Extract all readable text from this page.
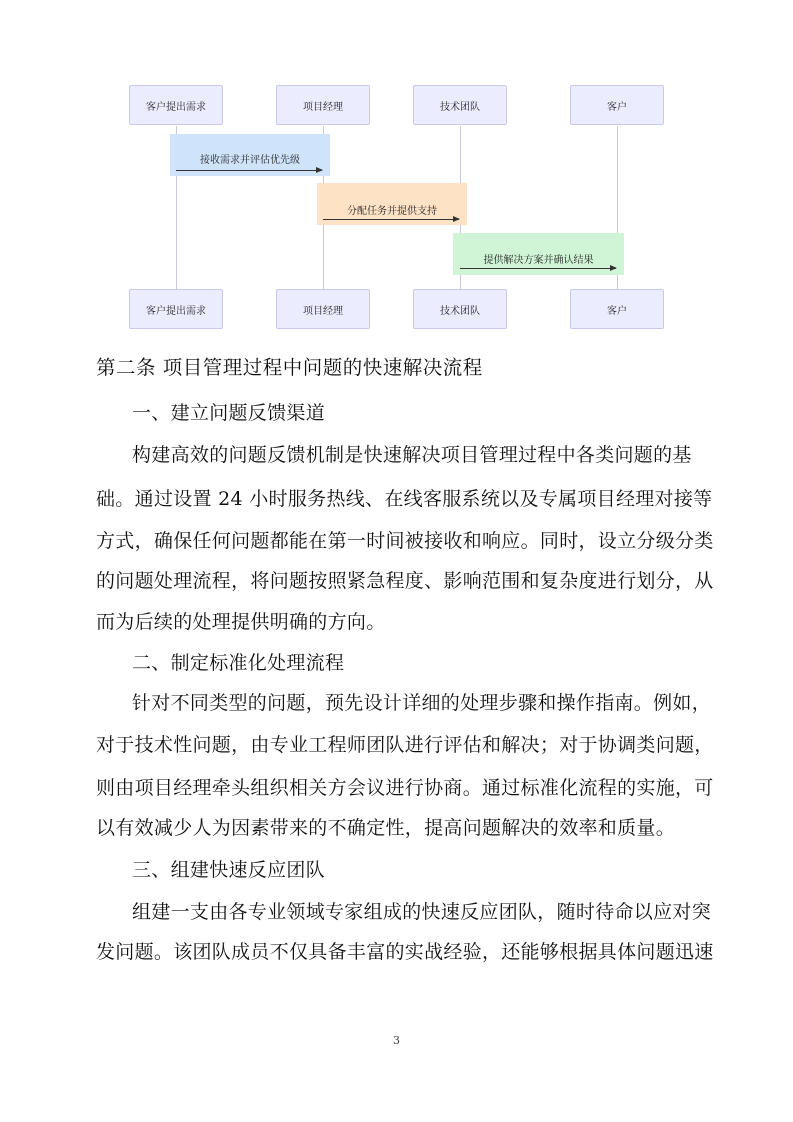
接收需求并评估优先级
分配任务并提供支持
提供解决方案并确认结果
客户提出需求	项目经理	技术团队	客户
客户提出需求	项目经理	技术团队	客户
第二条 项目管理过程中问题的快速解决流程
一、建立问题反馈渠道
构建高效的问题反馈机制是快速解决项目管理过程中各类问题的基
础。通过设置 24 小时服务热线、在线客服系统以及专属项目经理对接等
方式，确保任何问题都能在第一时间被接收和响应。同时，设立分级分类
的问题处理流程，将问题按照紧急程度、影响范围和复杂度进行划分，从
而为后续的处理提供明确的方向。
二、制定标准化处理流程
针对不同类型的问题，预先设计详细的处理步骤和操作指南。例如，
对于技术性问题，由专业工程师团队进行评估和解决；对于协调类问题，
则由项目经理牵头组织相关方会议进行协商。通过标准化流程的实施，可
以有效减少人为因素带来的不确定性，提高问题解决的效率和质量。
三、组建快速反应团队
组建一支由各专业领域专家组成的快速反应团队，随时待命以应对突
发问题。该团队成员不仅具备丰富的实战经验，还能够根据具体问题迅速
3
